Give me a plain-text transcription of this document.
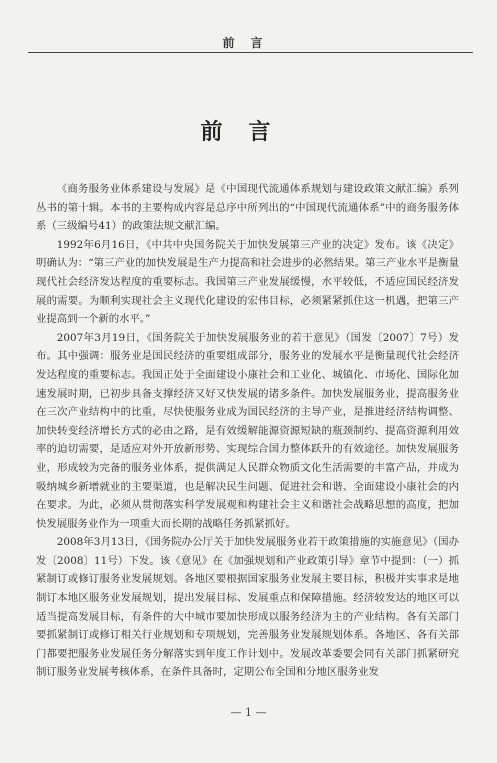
前言
前言

《商务服务业体系建设与发展》是《中国现代流通体系规划与建设政策文献汇编》系列丛书的第十辑。本书的主要构成内容是总序中所列出的“中国现代流通体系”中的商务服务体系（三级编号41）的政策法规文献汇编。

1992年6月16日，《中共中央国务院关于加快发展第三产业的决定》发布。该《决定》明确认为：“第三产业的加快发展是生产力提高和社会进步的必然结果。第三产业水平是衡量现代社会经济发达程度的重要标志。我国第三产业发展缓慢，水平较低，不适应国民经济发展的需要。为顺利实现社会主义现代化建设的宏伟目标，必须紧紧抓住这一机遇，把第三产业提高到一个新的水平。”

2007年3月19日，《国务院关于加快发展服务业的若干意见》（国发〔2007〕7号）发布。其中强调：服务业是国民经济的重要组成部分，服务业的发展水平是衡量现代社会经济发达程度的重要标志。我国正处于全面建设小康社会和工业化、城镇化、市场化、国际化加速发展时期，已初步具备支撑经济又好又快发展的诸多条件。加快发展服务业，提高服务业在三次产业结构中的比重，尽快使服务业成为国民经济的主导产业，是推进经济结构调整、加快转变经济增长方式的必由之路，是有效缓解能源资源短缺的瓶颈制约、提高资源利用效率的迫切需要，是适应对外开放新形势、实现综合国力整体跃升的有效途径。加快发展服务业，形成较为完备的服务业体系，提供满足人民群众物质文化生活需要的丰富产品，并成为吸纳城乡新增就业的主要渠道，也是解决民生问题、促进社会和谐、全面建设小康社会的内在要求。为此，必须从贯彻落实科学发展观和构建社会主义和谐社会战略思想的高度，把加快发展服务业作为一项重大而长期的战略任务抓紧抓好。

2008年3月13日，《国务院办公厅关于加快发展服务业若干政策措施的实施意见》（国办发〔2008〕11号）下发。该《意见》在《加强规划和产业政策引导》章节中提到：（一）抓紧制订或修订服务业发展规划。各地区要根据国家服务业发展主要目标，积极并实事求是地制订本地区服务业发展规划，提出发展目标、发展重点和保障措施。经济较发达的地区可以适当提高发展目标，有条件的大中城市要加快形成以服务经济为主的产业结构。各有关部门要抓紧制订或修订相关行业规划和专项规划，完善服务业发展规划体系。各地区、各有关部门都要把服务业发展任务分解落实到年度工作计划中。发展改革委要会同有关部门抓紧研究制订服务业发展考核体系，在条件具备时，定期公布全国和分地区服务业发

— 1 —
